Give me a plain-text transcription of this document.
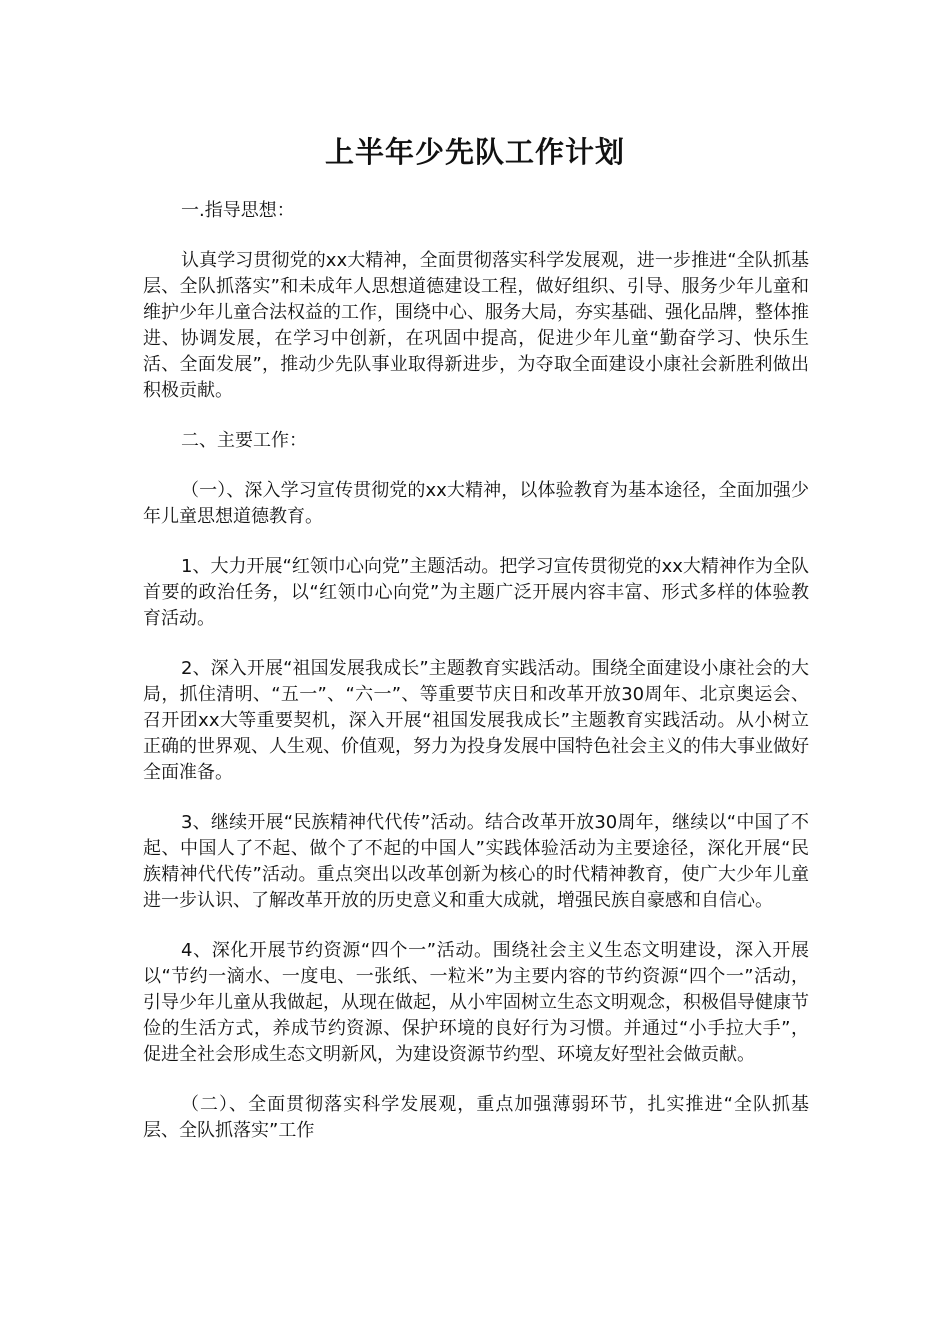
上半年少先队工作计划

一.指导思想：

认真学习贯彻党的xx大精神，全面贯彻落实科学发展观，进一步推进“全队抓基层、全队抓落实”和未成年人思想道德建设工程，做好组织、引导、服务少年儿童和维护少年儿童合法权益的工作，围绕中心、服务大局，夯实基础、强化品牌，整体推进、协调发展，在学习中创新，在巩固中提高，促进少年儿童“勤奋学习、快乐生活、全面发展”，推动少先队事业取得新进步，为夺取全面建设小康社会新胜利做出积极贡献。

二、主要工作：

（一）、深入学习宣传贯彻党的xx大精神，以体验教育为基本途径，全面加强少年儿童思想道德教育。

1、大力开展“红领巾心向党”主题活动。把学习宣传贯彻党的xx大精神作为全队首要的政治任务，以“红领巾心向党”为主题广泛开展内容丰富、形式多样的体验教育活动。

2、深入开展“祖国发展我成长”主题教育实践活动。围绕全面建设小康社会的大局，抓住清明、“五一”、“六一”、等重要节庆日和改革开放30周年、北京奥运会、召开团xx大等重要契机，深入开展“祖国发展我成长”主题教育实践活动。从小树立正确的世界观、人生观、价值观，努力为投身发展中国特色社会主义的伟大事业做好全面准备。

3、继续开展“民族精神代代传”活动。结合改革开放30周年，继续以“中国了不起、中国人了不起、做个了不起的中国人”实践体验活动为主要途径，深化开展“民族精神代代传”活动。重点突出以改革创新为核心的时代精神教育，使广大少年儿童进一步认识、了解改革开放的历史意义和重大成就，增强民族自豪感和自信心。

4、深化开展节约资源“四个一”活动。围绕社会主义生态文明建设，深入开展以“节约一滴水、一度电、一张纸、一粒米”为主要内容的节约资源“四个一”活动，引导少年儿童从我做起，从现在做起，从小牢固树立生态文明观念，积极倡导健康节俭的生活方式，养成节约资源、保护环境的良好行为习惯。并通过“小手拉大手”，促进全社会形成生态文明新风，为建设资源节约型、环境友好型社会做贡献。

（二）、全面贯彻落实科学发展观，重点加强薄弱环节，扎实推进“全队抓基层、全队抓落实”工作
